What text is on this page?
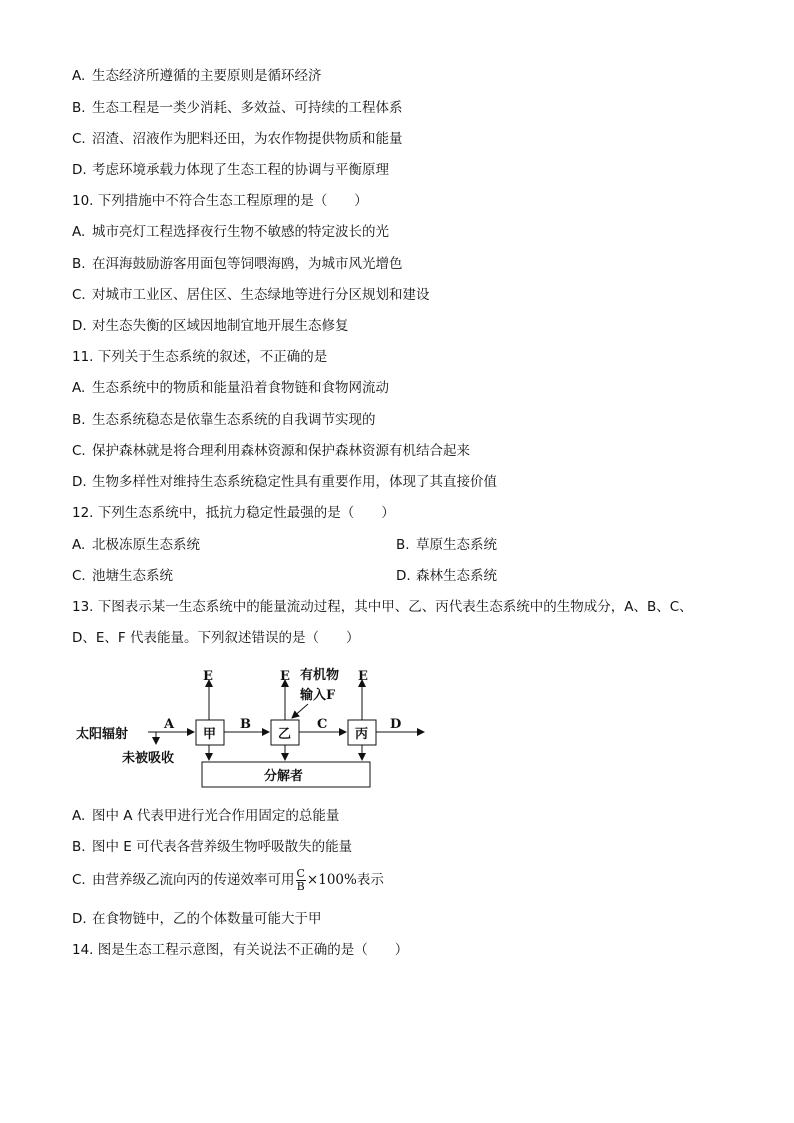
A. 生态经济所遵循的主要原则是循环经济
B. 生态工程是一类少消耗、多效益、可持续的工程体系
C. 沼渣、沼液作为肥料还田，为农作物提供物质和能量
D. 考虑环境承载力体现了生态工程的协调与平衡原理
10. 下列措施中不符合生态工程原理的是（　　）
A. 城市亮灯工程选择夜行生物不敏感的特定波长的光
B. 在洱海鼓励游客用面包等饲喂海鸥，为城市风光增色
C. 对城市工业区、居住区、生态绿地等进行分区规划和建设
D. 对生态失衡的区域因地制宜地开展生态修复
11. 下列关于生态系统的叙述，不正确的是
A. 生态系统中的物质和能量沿着食物链和食物网流动
B. 生态系统稳态是依靠生态系统的自我调节实现的
C. 保护森林就是将合理利用森林资源和保护森林资源有机结合起来
D. 生物多样性对维持生态系统稳定性具有重要作用，体现了其直接价值
12. 下列生态系统中，抵抗力稳定性最强的是（　　）
A. 北极冻原生态系统	B. 草原生态系统
C. 池塘生态系统	D. 森林生态系统
13. 下图表示某一生态系统中的能量流动过程，其中甲、乙、丙代表生态系统中的生物成分，A、B、C、
D、E、F 代表能量。下列叙述错误的是（　　）
太阳辐射
未被吸收
A
甲
E
B
乙
E 有机物
输入F
C
丙
E
D
分解者
A. 图中 A 代表甲进行光合作用固定的总能量
B. 图中 E 可代表各营养级生物呼吸散失的能量
C. 由营养级乙流向丙的传递效率可用 $\frac{C}{B} \times 100\%$表示
D. 在食物链中，乙的个体数量可能大于甲
14. 图是生态工程示意图，有关说法不正确的是（　　）
